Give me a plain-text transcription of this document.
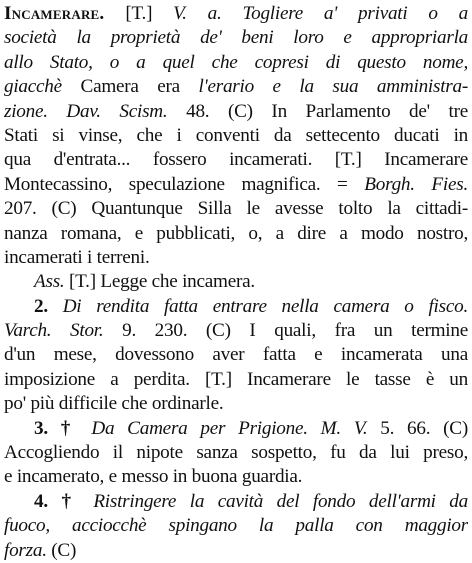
Incamerare. [T.] V. a. Togliere a' privati o a
società la proprietà de' beni loro e appropriarla
allo Stato, o a quel che copresi di questo nome,
giacchè Camera era l'erario e la sua amministra-
zione. Dav. Scism. 48. (C) In Parlamento de' tre
Stati si vinse, che i conventi da settecento ducati in
qua d'entrata... fossero incamerati. [T.] Incamerare
Montecassino, speculazione magnifica. = Borgh. Fies.
207. (C) Quantunque Silla le avesse tolto la cittadi-
nanza romana, e pubblicati, o, a dire a modo nostro,
incamerati i terreni.
Ass. [T.] Legge che incamera.
2. Di rendita fatta entrare nella camera o fisco.
Varch. Stor. 9. 230. (C) I quali, fra un termine
d'un mese, dovessono aver fatta e incamerata una
imposizione a perdita. [T.] Incamerare le tasse è un
po' più difficile che ordinarle.
3. † Da Camera per Prigione. M. V. 5. 66. (C)
Accogliendo il nipote sanza sospetto, fu da lui preso,
e incamerato, e messo in buona guardia.
4. † Ristringere la cavità del fondo dell'armi da
fuoco, acciocchè spingano la palla con maggior
forza. (C)
